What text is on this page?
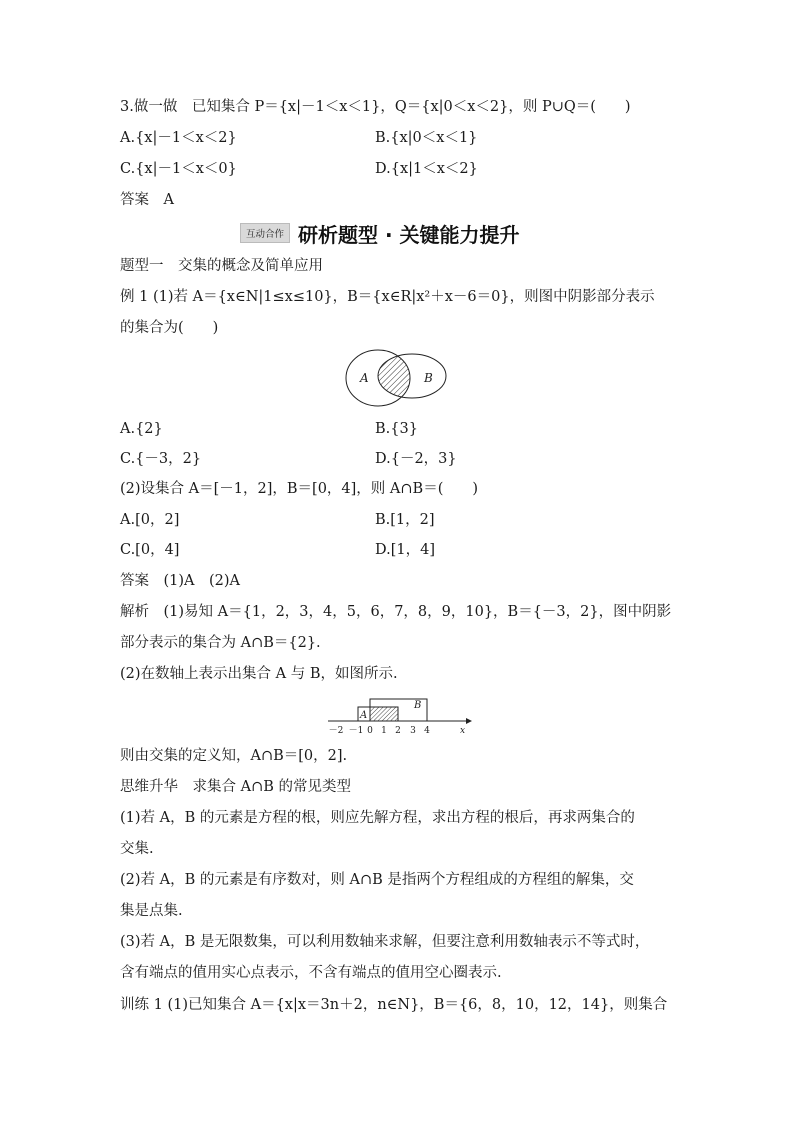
3.做一做　已知集合 P＝{x|－1＜x＜1}，Q＝{x|0＜x＜2}，则 P∪Q＝(　　)
A.{x|－1＜x＜2}	B.{x|0＜x＜1}
C.{x|－1＜x＜0}	D.{x|1＜x＜2}
答案　A
互动合作 研析题型 · 关键能力提升
题型一　交集的概念及简单应用
例 1 (1)若 A＝{x∈N|1≤x≤10}，B＝{x∈R|x²＋x－6＝0}，则图中阴影部分表示
的集合为(　　)
A	B
A.{2}	B.{3}
C.{－3，2}	D.{－2，3}
(2)设集合 A＝[－1，2]，B＝[0，4]，则 A∩B＝(　　)
A.[0，2]	B.[1，2]
C.[0，4]	D.[1，4]
答案　(1)A　(2)A
解析　(1)易知 A＝{1，2，3，4，5，6，7，8，9，10}，B＝{－3，2}，图中阴影
部分表示的集合为 A∩B＝{2}.
(2)在数轴上表示出集合 A 与 B，如图所示.
A
B
－2 －1 0 1 2 3 4	x
则由交集的定义知，A∩B＝[0，2].
思维升华　求集合 A∩B 的常见类型
(1)若 A，B 的元素是方程的根，则应先解方程，求出方程的根后，再求两集合的
交集.
(2)若 A，B 的元素是有序数对，则 A∩B 是指两个方程组成的方程组的解集，交
集是点集.
(3)若 A，B 是无限数集，可以利用数轴来求解，但要注意利用数轴表示不等式时，
含有端点的值用实心点表示，不含有端点的值用空心圈表示.
训练 1 (1)已知集合 A＝{x|x＝3n＋2，n∈N}，B＝{6，8，10，12，14}，则集合
